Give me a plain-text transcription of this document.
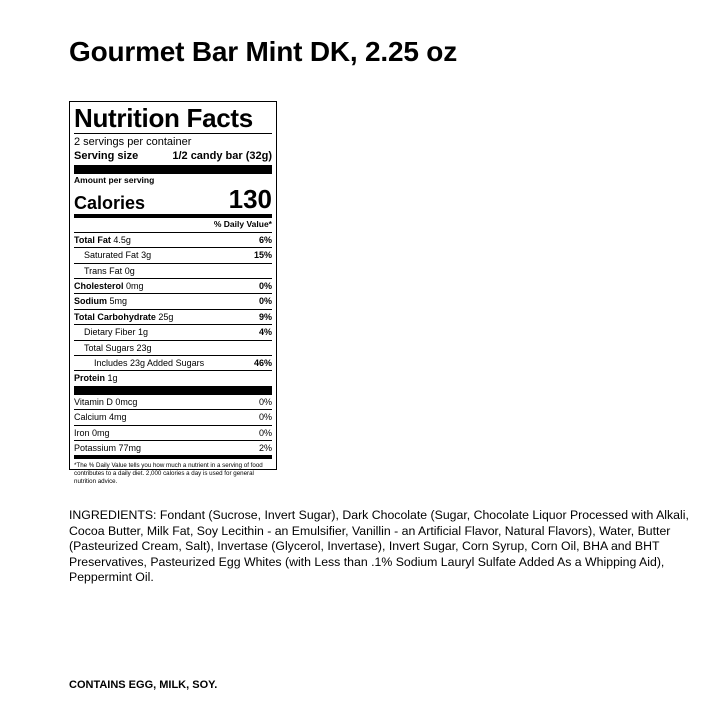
Gourmet Bar Mint DK, 2.25 oz
Nutrition Facts
2 servings per container
Serving size	1/2 candy bar (32g)
Amount per serving
Calories	130
% Daily Value*
Total Fat 4.5g	6%
Saturated Fat 3g	15%
Trans Fat 0g
Cholesterol 0mg	0%
Sodium 5mg	0%
Total Carbohydrate 25g	9%
Dietary Fiber 1g	4%
Total Sugars 23g
Includes 23g Added Sugars	46%
Protein 1g
Vitamin D 0mcg	0%
Calcium 4mg	0%
Iron 0mg	0%
Potassium 77mg	2%
*The % Daily Value tells you how much a nutrient in a serving of food contributes to a daily diet. 2,000 calories a day is used for general nutrition advice.
INGREDIENTS: Fondant (Sucrose, Invert Sugar), Dark Chocolate (Sugar, Chocolate Liquor Processed with Alkali, Cocoa Butter, Milk Fat, Soy Lecithin - an Emulsifier, Vanillin - an Artificial Flavor, Natural Flavors), Water, Butter (Pasteurized Cream, Salt), Invertase (Glycerol, Invertase), Invert Sugar, Corn Syrup, Corn Oil, BHA and BHT Preservatives, Pasteurized Egg Whites (with Less than .1% Sodium Lauryl Sulfate Added As a Whipping Aid), Peppermint Oil.
CONTAINS EGG, MILK, SOY.
